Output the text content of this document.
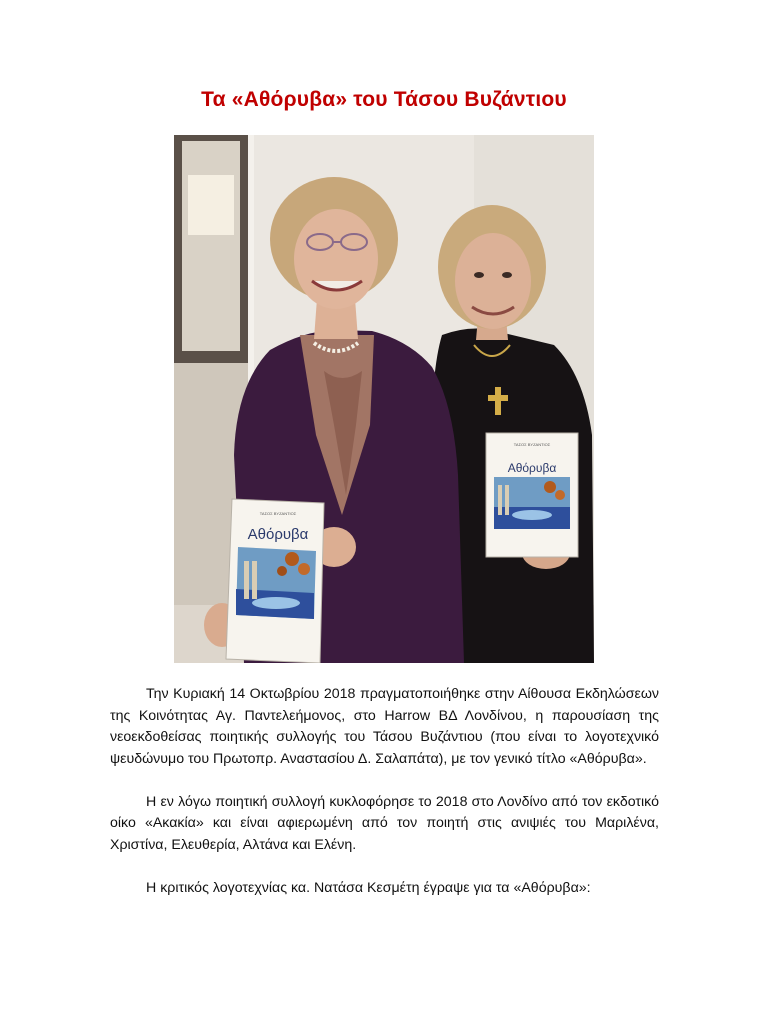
Τα «Αθόρυβα» του Τάσου Βυζάντιου
Αθόρυβα
ΤΑΣΟΣ ΒΥΖΑΝΤΙΟΣ
Αθόρυβα
ΤΑΣΟΣ ΒΥΖΑΝΤΙΟΣ

Την Κυριακή 14 Οκτωβρίου 2018 πραγματοποιήθηκε στην Αίθουσα Εκδηλώσεων της Κοινότητας Αγ. Παντελεήμονος, στο Harrow ΒΔ Λονδίνου, η παρουσίαση της νεοεκδοθείσας ποιητικής συλλογής του Τάσου Βυζάντιου (που είναι το λογοτεχνικό ψευδώνυμο του Πρωτοπρ. Αναστασίου Δ. Σαλαπάτα), με τον γενικό τίτλο «Αθόρυβα».

Η εν λόγω ποιητική συλλογή κυκλοφόρησε το 2018 στο Λονδίνο από τον εκδοτικό οίκο «Ακακία» και είναι αφιερωμένη από τον ποιητή στις ανιψιές του Μαριλένα, Χριστίνα, Ελευθερία, Αλτάνα και Ελένη.

Η κριτικός λογοτεχνίας κα. Νατάσα Κεσμέτη έγραψε για τα «Αθόρυβα»:
